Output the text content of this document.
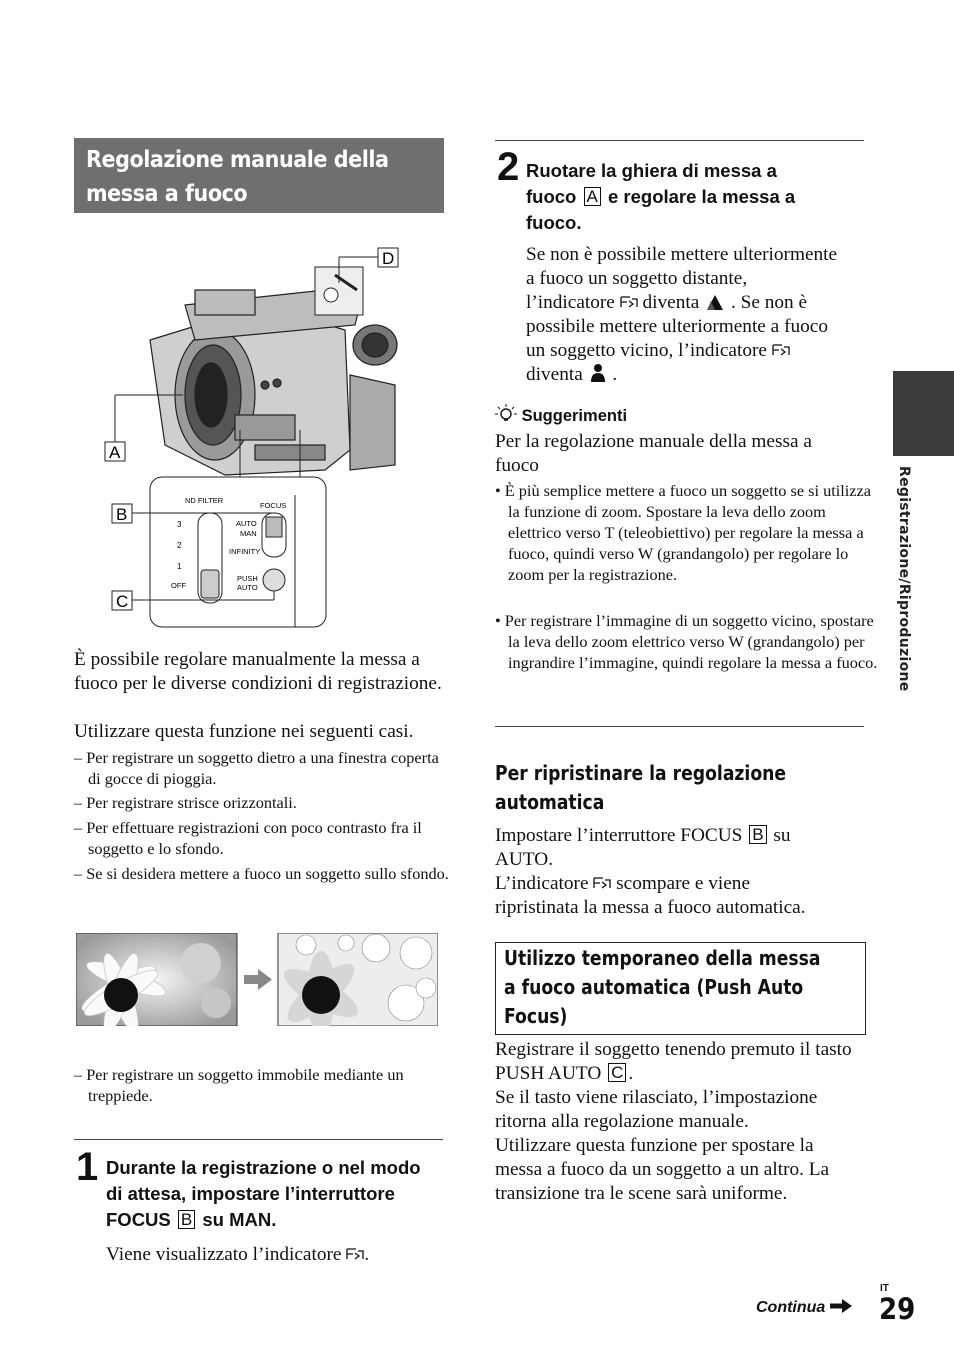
Regolazione manuale della messa a fuoco
D
A
ND FILTER
FOCUS
3
2
1
OFF
AUTO
MAN
INFINITY
PUSH
AUTO
B
C
È possibile regolare manualmente la messa a fuoco per le diverse condizioni di registrazione.
Utilizzare questa funzione nei seguenti casi.
– Per registrare un soggetto dietro a una finestra coperta di gocce di pioggia.
– Per registrare strisce orizzontali.
– Per effettuare registrazioni con poco contrasto fra il soggetto e lo sfondo.
– Se si desidera mettere a fuoco un soggetto sullo sfondo.
– Per registrare un soggetto immobile mediante un treppiede.
1 Durante la registrazione o nel modo di attesa, impostare l’interruttore FOCUS B su MAN.
Viene visualizzato l’indicatore .
2 Ruotare la ghiera di messa a
fuoco A e regolare la messa a
fuoco.
Se non è possibile mettere ulteriormente
a fuoco un soggetto distante,
l’indicatore diventa . Se non è
possibile mettere ulteriormente a fuoco
un soggetto vicino, l’indicatore
diventa .
Suggerimenti
Per la regolazione manuale della messa a fuoco
• È più semplice mettere a fuoco un soggetto se si utilizza la funzione di zoom. Spostare la leva dello zoom elettrico verso T (teleobiettivo) per regolare la messa a fuoco, quindi verso W (grandangolo) per regolare lo zoom per la registrazione.
• Per registrare l’immagine di un soggetto vicino, spostare la leva dello zoom elettrico verso W (grandangolo) per ingrandire l’immagine, quindi regolare la messa a fuoco.
Per ripristinare la regolazione automatica
Impostare l’interruttore FOCUS B su
AUTO.
L’indicatore scompare e viene
ripristinata la messa a fuoco automatica.
Utilizzo temporaneo della messa a fuoco automatica (Push Auto Focus)
Registrare il soggetto tenendo premuto il tasto PUSH AUTO C .
Se il tasto viene rilasciato, l’impostazione ritorna alla regolazione manuale.
Utilizzare questa funzione per spostare la messa a fuoco da un soggetto a un altro. La transizione tra le scene sarà uniforme.
Registrazione/Riproduzione
Continua
IT
29
